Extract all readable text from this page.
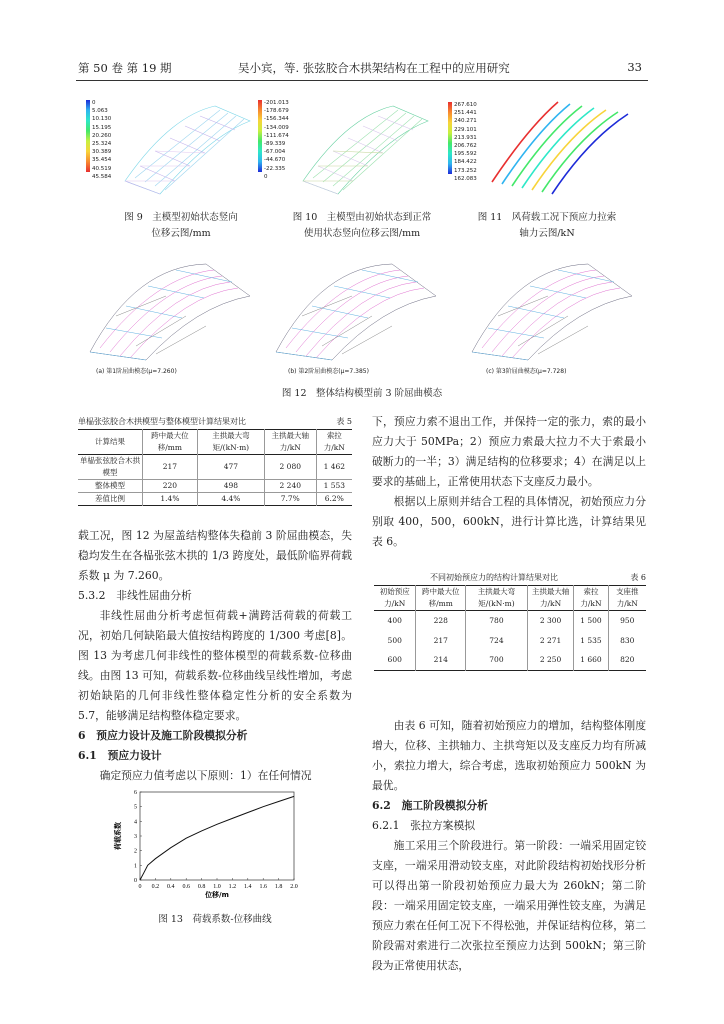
第 50 卷 第 19 期	吴小宾，等. 张弦胶合木拱架结构在工程中的应用研究	33
0
5.063
10.130
15.195
20.260
25.324
30.389
35.454
40.519
45.584
图 9　主模型初始状态竖向
位移云图/mm
-201.013
-178.679
-156.344
-134.009
-111.674
-89.339
-67.004
-44.670
-22.335
0
图 10　主模型由初始状态到正常
使用状态竖向位移云图/mm
267.610
251.441
240.271
229.101
213.931
206.762
195.592
184.422
173.252
162.083
图 11　风荷载工况下预应力拉索
轴力云图/kN
(a) 第1阶屈曲模态(μ=7.260)	(b) 第2阶屈曲模态(μ=7.385)	(c) 第3阶屈曲模态(μ=7.728)
图 12　整体结构模型前 3 阶屈曲模态
单榀张弦胶合木拱模型与整体模型计算结果对比	表 5
计算结果	跨中最大位移/mm	主拱最大弯矩/(kN·m)	主拱最大轴力/kN	索拉力/kN
单榀张弦胶合木拱模型	217	477	2 080	1 462
整体模型	220	498	2 240	1 553
差值比例	1.4%	4.4%	7.7%	6.2%

载工况，图 12 为屋盖结构整体失稳前 3 阶屈曲模态，失稳均发生在各榀张弦木拱的 1/3 跨度处，最低阶临界荷载系数 μ 为 7.260。

5.3.2　非线性屈曲分析

非线性屈曲分析考虑恒荷载+满跨活荷载的荷载工况，初始几何缺陷最大值按结构跨度的 1/300 考虑[8]。图 13 为考虑几何非线性的整体模型的荷载系数-位移曲线。由图 13 可知，荷载系数-位移曲线呈线性增加，考虑初始缺陷的几何非线性整体稳定性分析的安全系数为 5.7，能够满足结构整体稳定要求。

6　预应力设计及施工阶段模拟分析

6.1　预应力设计

确定预应力值考虑以下原则：1）在任何情况

0 0.2 0.4 0.6 0.8 1.0 1.2 1.4 1.6 1.8 2.0
0
1
2
3
4
5
6
位移/m
荷载系数
图 13　荷载系数-位移曲线

下，预应力索不退出工作，并保持一定的张力，索的最小应力大于 50MPa；2）预应力索最大拉力不大于索最小破断力的一半；3）满足结构的位移要求；4）在满足以上要求的基础上，正常使用状态下支座反力最小。

根据以上原则并结合工程的具体情况，初始预应力分别取 400，500，600kN，进行计算比选，计算结果见表 6。

不同初始预应力的结构计算结果对比	表 6
初始预应力/kN	跨中最大位移/mm	主拱最大弯矩/(kN·m)	主拱最大轴力/kN	索拉力/kN	支座推力/kN
400	228	780	2 300	1 500	950
500	217	724	2 271	1 535	830
600	214	700	2 250	1 660	820

由表 6 可知，随着初始预应力的增加，结构整体刚度增大，位移、主拱轴力、主拱弯矩以及支座反力均有所减小，索拉力增大，综合考虑，选取初始预应力 500kN 为最优。

6.2　施工阶段模拟分析

6.2.1　张拉方案模拟

施工采用三个阶段进行。第一阶段：一端采用固定铰支座，一端采用滑动铰支座，对此阶段结构初始找形分析可以得出第一阶段初始预应力最大为 260kN；第二阶段：一端采用固定铰支座，一端采用弹性铰支座，为满足预应力索在任何工况下不得松弛，并保证结构位移，第二阶段需对索进行二次张拉至预应力达到 500kN；第三阶段为正常使用状态，
